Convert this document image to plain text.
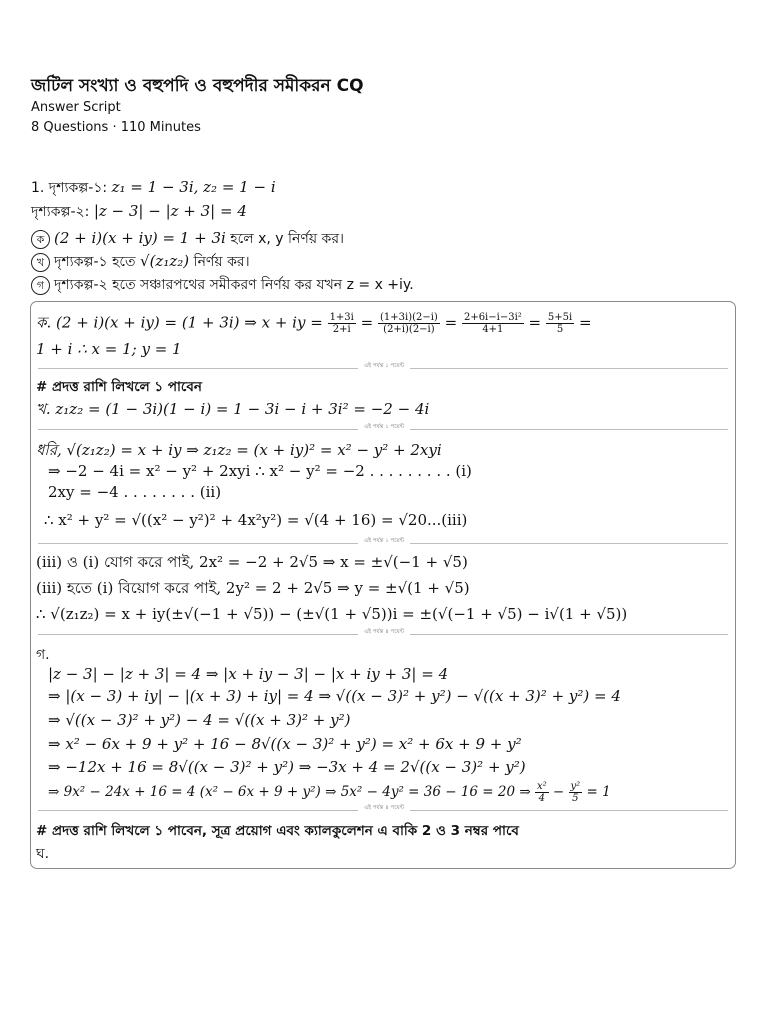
জটিল সংখ্যা ও বহুপদি ও বহুপদীর সমীকরন CQ
Answer Script
8 Questions · 110 Minutes
1. দৃশ্যকল্প-১: z₁ = 1 − 3i, z₂ = 1 − i
দৃশ্যকল্প-২: |z − 3| − |z + 3| = 4
ক (2 + i)(x + iy) = 1 + 3i হলে x, y নির্ণয় কর।
খ দৃশ্যকল্প-১ হতে √(z₁z₂) নির্ণয় কর।
গ দৃশ্যকল্প-২ হতে সঞ্চারপথের সমীকরণ নির্ণয় কর যখন z = x +iy.
ক. (2 + i)(x + iy) = (1 + 3i) ⇒ x + iy = $\frac{1+3i}{2+i} = \frac{(1+3i)(2-i)}{(2+i)(2-i)} = \frac{\text{2+6i−i−3i²}}{4+1} = \frac{5+5i}{5}$ =
1 + i ∴ x = 1; y = 1
এই পর্যন্ত ১ পয়েন্ট
# প্রদত্ত রাশি লিখলে ১ পাবেন
খ. z₁z₂ = (1 − 3i)(1 − i) = 1 − 3i − i + 3i² = −2 − 4i
এই পর্যন্ত ১ পয়েন্ট
ধরি, √(z₁z₂) = x + iy ⇒ z₁z₂ = (x + iy)² = x² − y² + 2xyi
⇒ −2 − 4i = x² − y² + 2xyi ∴ x² − y² = −2 . . . . . . . . . (i)
2xy = −4 . . . . . . . . (ii)
∴ x² + y² = √((x² − y²)² + 4x²y²) = √(4 + 16) = √20...(iii)
এই পর্যন্ত ১ পয়েন্ট
(iii) ও (i) যোগ করে পাই, 2x² = −2 + 2√5 ⇒ x = ±√(−1 + √5)
(iii) হতে (i) বিয়োগ করে পাই, 2y² = 2 + 2√5 ⇒ y = ±√(1 + √5)
∴ √(z₁z₂) = x + iy(±√(−1 + √5)) − (±√(1 + √5))i = ±(√(−1 + √5) − i√(1 + √5))
এই পর্যন্ত ৪ পয়েন্ট
গ.
|z − 3| − |z + 3| = 4 ⇒ |x + iy − 3| − |x + iy + 3| = 4
⇒ |(x − 3) + iy| − |(x + 3) + iy| = 4 ⇒ √((x − 3)² + y²) − √((x + 3)² + y²) = 4
⇒ √((x − 3)² + y²) − 4 = √((x + 3)² + y²)
⇒ x² − 6x + 9 + y² + 16 − 8√((x − 3)² + y²) = x² + 6x + 9 + y²
⇒ −12x + 16 = 8√((x − 3)² + y²) ⇒ −3x + 4 = 2√((x − 3)² + y²)
⇒ 9x² − 24x + 16 = 4 (x² − 6x + 9 + y²) ⇒ 5x² − 4y² = 36 − 16 = 20 ⇒ $\frac{\text{x²}}{4} - \frac{\text{y²}}{5} = 1$
এই পর্যন্ত ৪ পয়েন্ট
# প্রদত্ত রাশি লিখলে ১ পাবেন, সূত্র প্রয়োগ এবং ক্যালকুলেশন এ বাকি 2 ও 3 নম্বর পাবে
ঘ.
